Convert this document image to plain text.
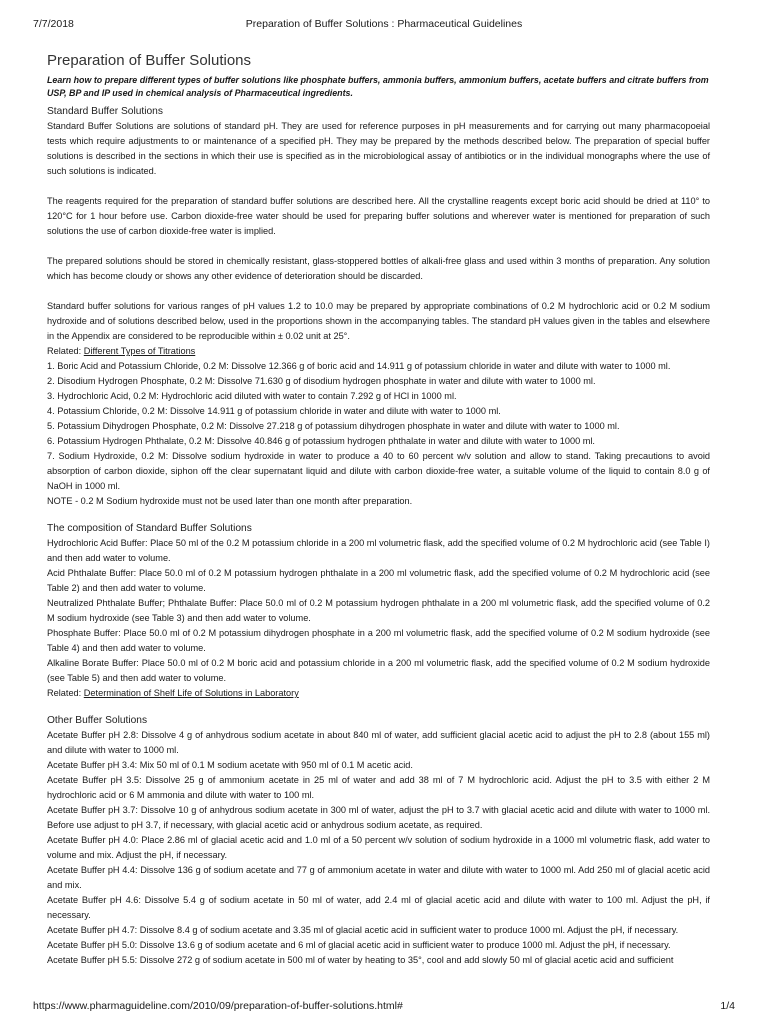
7/7/2018	Preparation of Buffer Solutions : Pharmaceutical Guidelines
Preparation of Buffer Solutions

Learn how to prepare different types of buffer solutions like phosphate buffers, ammonia buffers, ammonium buffers, acetate buffers and citrate buffers from USP, BP and IP used in chemical analysis of Pharmaceutical ingredients.

Standard Buffer Solutions

Standard Buffer Solutions are solutions of standard pH. They are used for reference purposes in pH measurements and for carrying out many pharmacopoeial tests which require adjustments to or maintenance of a specified pH. They may be prepared by the methods described below. The preparation of special buffer solutions is described in the sections in which their use is specified as in the microbiological assay of antibiotics or in the individual monographs where the use of such solutions is indicated.

The reagents required for the preparation of standard buffer solutions are described here. All the crystalline reagents except boric acid should be dried at 110° to 120°C for 1 hour before use. Carbon dioxide-free water should be used for preparing buffer solutions and wherever water is mentioned for preparation of such solutions the use of carbon dioxide-free water is implied.

The prepared solutions should be stored in chemically resistant, glass-stoppered bottles of alkali-free glass and used within 3 months of preparation. Any solution which has become cloudy or shows any other evidence of deterioration should be discarded.

Standard buffer solutions for various ranges of pH values 1.2 to 10.0 may be prepared by appropriate combinations of 0.2 M hydrochloric acid or 0.2 M sodium hydroxide and of solutions described below, used in the proportions shown in the accompanying tables. The standard pH values given in the tables and elsewhere in the Appendix are considered to be reproducible within ± 0.02 unit at 25°.

Related: Different Types of Titrations

1. Boric Acid and Potassium Chloride, 0.2 M: Dissolve 12.366 g of boric acid and 14.911 g of potassium chloride in water and dilute with water to 1000 ml.

2. Disodium Hydrogen Phosphate, 0.2 M: Dissolve 71.630 g of disodium hydrogen phosphate in water and dilute with water to 1000 ml.

3. Hydrochloric Acid, 0.2 M: Hydrochloric acid diluted with water to contain 7.292 g of HCl in 1000 ml.

4. Potassium Chloride, 0.2 M: Dissolve 14.911 g of potassium chloride in water and dilute with water to 1000 ml.

5. Potassium Dihydrogen Phosphate, 0.2 M: Dissolve 27.218 g of potassium dihydrogen phosphate in water and dilute with water to 1000 ml.

6. Potassium Hydrogen Phthalate, 0.2 M: Dissolve 40.846 g of potassium hydrogen phthalate in water and dilute with water to 1000 ml.

7. Sodium Hydroxide, 0.2 M: Dissolve sodium hydroxide in water to produce a 40 to 60 percent w/v solution and allow to stand. Taking precautions to avoid absorption of carbon dioxide, siphon off the clear supernatant liquid and dilute with carbon dioxide-free water, a suitable volume of the liquid to contain 8.0 g of NaOH in 1000 ml.

NOTE - 0.2 M Sodium hydroxide must not be used later than one month after preparation.

The composition of Standard Buffer Solutions

Hydrochloric Acid Buffer: Place 50 ml of the 0.2 M potassium chloride in a 200 ml volumetric flask, add the specified volume of 0.2 M hydrochloric acid (see Table I) and then add water to volume.

Acid Phthalate Buffer: Place 50.0 ml of 0.2 M potassium hydrogen phthalate in a 200 ml volumetric flask, add the specified volume of 0.2 M hydrochloric acid (see Table 2) and then add water to volume.

Neutralized Phthalate Buffer; Phthalate Buffer: Place 50.0 ml of 0.2 M potassium hydrogen phthalate in a 200 ml volumetric flask, add the specified volume of 0.2 M sodium hydroxide (see Table 3) and then add water to volume.

Phosphate Buffer: Place 50.0 ml of 0.2 M potassium dihydrogen phosphate in a 200 ml volumetric flask, add the specified volume of 0.2 M sodium hydroxide (see Table 4) and then add water to volume.

Alkaline Borate Buffer: Place 50.0 ml of 0.2 M boric acid and potassium chloride in a 200 ml volumetric flask, add the specified volume of 0.2 M sodium hydroxide (see Table 5) and then add water to volume.

Related: Determination of Shelf Life of Solutions in Laboratory

Other Buffer Solutions

Acetate Buffer pH 2.8: Dissolve 4 g of anhydrous sodium acetate in about 840 ml of water, add sufficient glacial acetic acid to adjust the pH to 2.8 (about 155 ml) and dilute with water to 1000 ml.

Acetate Buffer pH 3.4: Mix 50 ml of 0.1 M sodium acetate with 950 ml of 0.1 M acetic acid.

Acetate Buffer pH 3.5: Dissolve 25 g of ammonium acetate in 25 ml of water and add 38 ml of 7 M hydrochloric acid. Adjust the pH to 3.5 with either 2 M hydrochloric acid or 6 M ammonia and dilute with water to 100 ml.

Acetate Buffer pH 3.7: Dissolve 10 g of anhydrous sodium acetate in 300 ml of water, adjust the pH to 3.7 with glacial acetic acid and dilute with water to 1000 ml. Before use adjust to pH 3.7, if necessary, with glacial acetic acid or anhydrous sodium acetate, as required.

Acetate Buffer pH 4.0: Place 2.86 ml of glacial acetic acid and 1.0 ml of a 50 percent w/v solution of sodium hydroxide in a 1000 ml volumetric flask, add water to volume and mix. Adjust the pH, if necessary.

Acetate Buffer pH 4.4: Dissolve 136 g of sodium acetate and 77 g of ammonium acetate in water and dilute with water to 1000 ml. Add 250 ml of glacial acetic acid and mix.

Acetate Buffer pH 4.6: Dissolve 5.4 g of sodium acetate in 50 ml of water, add 2.4 ml of glacial acetic acid and dilute with water to 100 ml. Adjust the pH, if necessary.

Acetate Buffer pH 4.7: Dissolve 8.4 g of sodium acetate and 3.35 ml of glacial acetic acid in sufficient water to produce 1000 ml. Adjust the pH, if necessary.

Acetate Buffer pH 5.0: Dissolve 13.6 g of sodium acetate and 6 ml of glacial acetic acid in sufficient water to produce 1000 ml. Adjust the pH, if necessary.

Acetate Buffer pH 5.5: Dissolve 272 g of sodium acetate in 500 ml of water by heating to 35°, cool and add slowly 50 ml of glacial acetic acid and sufficient

https://www.pharmaguideline.com/2010/09/preparation-of-buffer-solutions.html#	1/4
